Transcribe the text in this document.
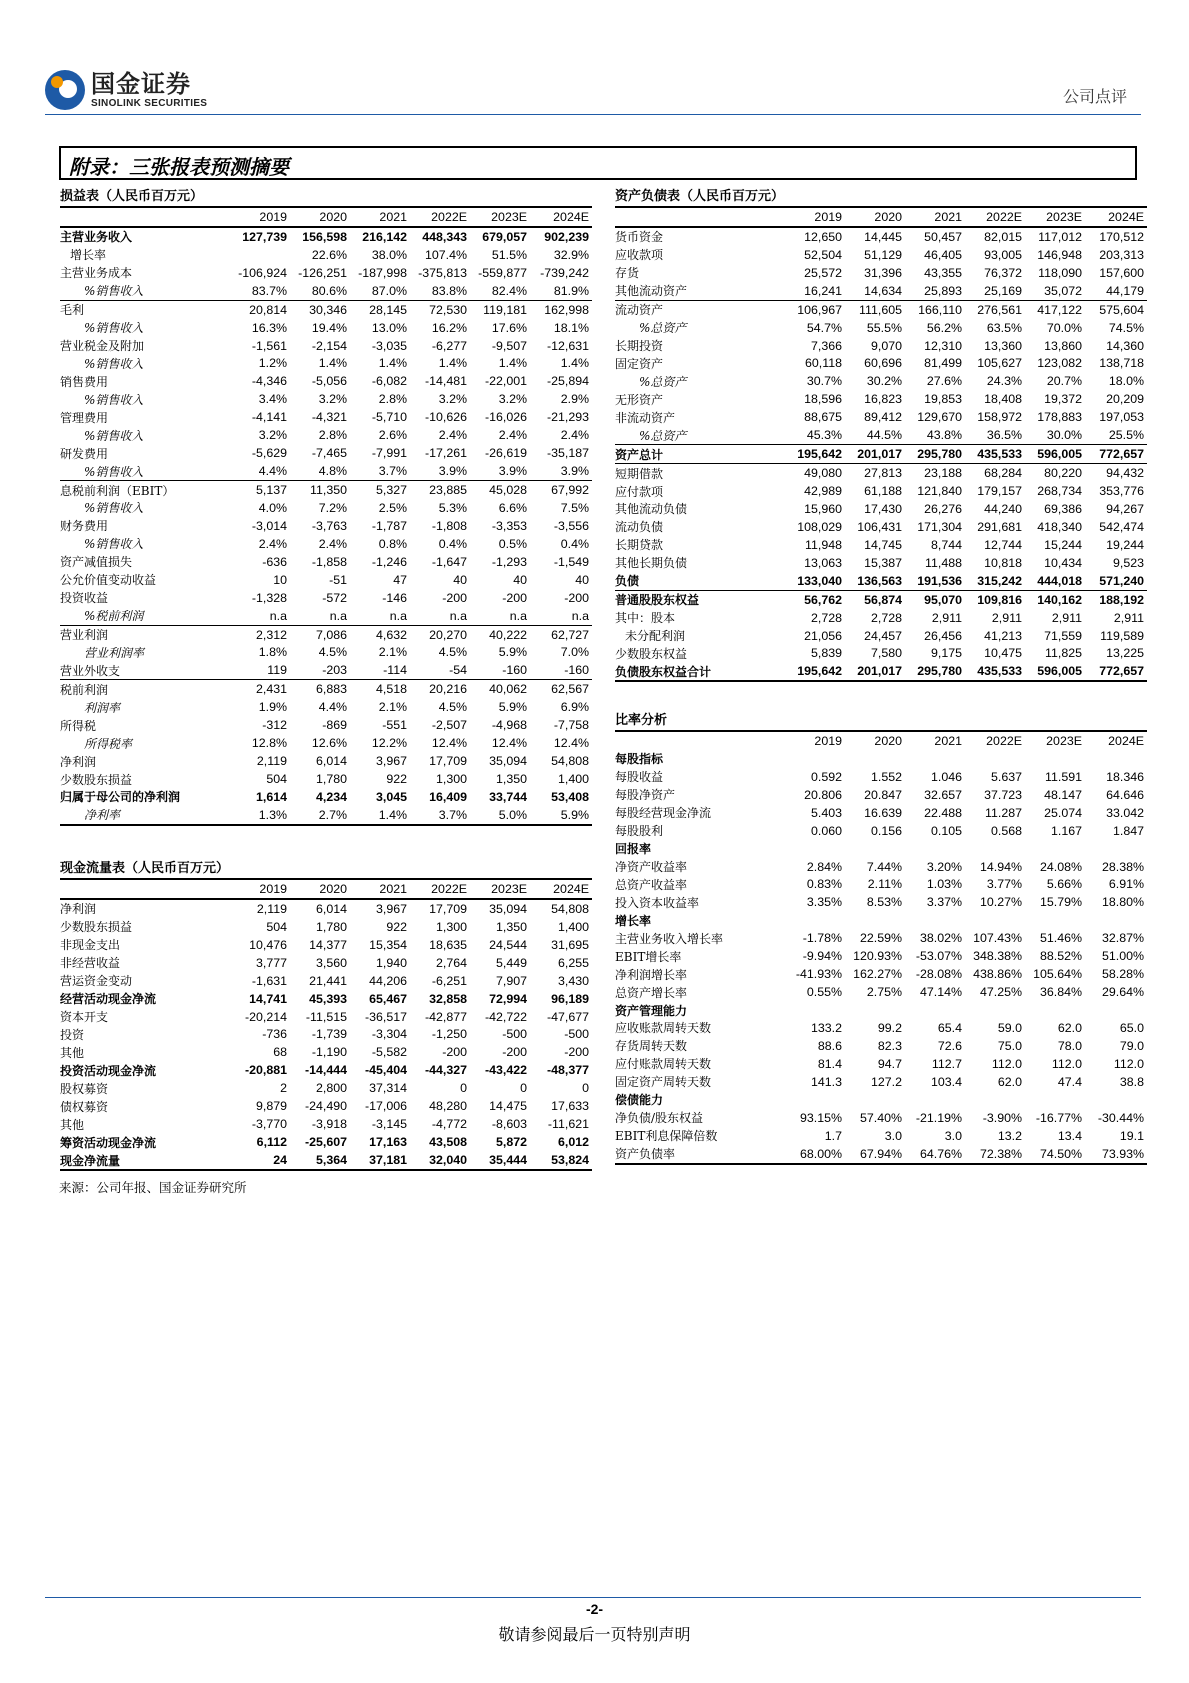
国金证券
SINOLINK SECURITIES	公司点评
附录：三张报表预测摘要
损益表（人民币百万元）
	2019	2020	2021	2022E	2023E	2024E
主营业务收入	127,739	156,598	216,142	448,343	679,057	902,239
增长率		22.6%	38.0%	107.4%	51.5%	32.9%
主营业务成本	-106,924	-126,251	-187,998	-375,813	-559,877	-739,242
%销售收入	83.7%	80.6%	87.0%	83.8%	82.4%	81.9%
毛利	20,814	30,346	28,145	72,530	119,181	162,998
%销售收入	16.3%	19.4%	13.0%	16.2%	17.6%	18.1%
营业税金及附加	-1,561	-2,154	-3,035	-6,277	-9,507	-12,631
%销售收入	1.2%	1.4%	1.4%	1.4%	1.4%	1.4%
销售费用	-4,346	-5,056	-6,082	-14,481	-22,001	-25,894
%销售收入	3.4%	3.2%	2.8%	3.2%	3.2%	2.9%
管理费用	-4,141	-4,321	-5,710	-10,626	-16,026	-21,293
%销售收入	3.2%	2.8%	2.6%	2.4%	2.4%	2.4%
研发费用	-5,629	-7,465	-7,991	-17,261	-26,619	-35,187
%销售收入	4.4%	4.8%	3.7%	3.9%	3.9%	3.9%
息税前利润（EBIT）	5,137	11,350	5,327	23,885	45,028	67,992
%销售收入	4.0%	7.2%	2.5%	5.3%	6.6%	7.5%
财务费用	-3,014	-3,763	-1,787	-1,808	-3,353	-3,556
%销售收入	2.4%	2.4%	0.8%	0.4%	0.5%	0.4%
资产减值损失	-636	-1,858	-1,246	-1,647	-1,293	-1,549
公允价值变动收益	10	-51	47	40	40	40
投资收益	-1,328	-572	-146	-200	-200	-200
%税前利润	n.a	n.a	n.a	n.a	n.a	n.a
营业利润	2,312	7,086	4,632	20,270	40,222	62,727
营业利润率	1.8%	4.5%	2.1%	4.5%	5.9%	7.0%
营业外收支	119	-203	-114	-54	-160	-160
税前利润	2,431	6,883	4,518	20,216	40,062	62,567
利润率	1.9%	4.4%	2.1%	4.5%	5.9%	6.9%
所得税	-312	-869	-551	-2,507	-4,968	-7,758
所得税率	12.8%	12.6%	12.2%	12.4%	12.4%	12.4%
净利润	2,119	6,014	3,967	17,709	35,094	54,808
少数股东损益	504	1,780	922	1,300	1,350	1,400
归属于母公司的净利润	1,614	4,234	3,045	16,409	33,744	53,408
净利率	1.3%	2.7%	1.4%	3.7%	5.0%	5.9%
现金流量表（人民币百万元）
	2019	2020	2021	2022E	2023E	2024E
净利润	2,119	6,014	3,967	17,709	35,094	54,808
少数股东损益	504	1,780	922	1,300	1,350	1,400
非现金支出	10,476	14,377	15,354	18,635	24,544	31,695
非经营收益	3,777	3,560	1,940	2,764	5,449	6,255
营运资金变动	-1,631	21,441	44,206	-6,251	7,907	3,430
经营活动现金净流	14,741	45,393	65,467	32,858	72,994	96,189
资本开支	-20,214	-11,515	-36,517	-42,877	-42,722	-47,677
投资	-736	-1,739	-3,304	-1,250	-500	-500
其他	68	-1,190	-5,582	-200	-200	-200
投资活动现金净流	-20,881	-14,444	-45,404	-44,327	-43,422	-48,377
股权募资	2	2,800	37,314	0	0	0
债权募资	9,879	-24,490	-17,006	48,280	14,475	17,633
其他	-3,770	-3,918	-3,145	-4,772	-8,603	-11,621
筹资活动现金净流	6,112	-25,607	17,163	43,508	5,872	6,012
现金净流量	24	5,364	37,181	32,040	35,444	53,824
资产负债表（人民币百万元）
	2019	2020	2021	2022E	2023E	2024E
货币资金	12,650	14,445	50,457	82,015	117,012	170,512
应收款项	52,504	51,129	46,405	93,005	146,948	203,313
存货	25,572	31,396	43,355	76,372	118,090	157,600
其他流动资产	16,241	14,634	25,893	25,169	35,072	44,179
流动资产	106,967	111,605	166,110	276,561	417,122	575,604
%总资产	54.7%	55.5%	56.2%	63.5%	70.0%	74.5%
长期投资	7,366	9,070	12,310	13,360	13,860	14,360
固定资产	60,118	60,696	81,499	105,627	123,082	138,718
%总资产	30.7%	30.2%	27.6%	24.3%	20.7%	18.0%
无形资产	18,596	16,823	19,853	18,408	19,372	20,209
非流动资产	88,675	89,412	129,670	158,972	178,883	197,053
%总资产	45.3%	44.5%	43.8%	36.5%	30.0%	25.5%
资产总计	195,642	201,017	295,780	435,533	596,005	772,657
短期借款	49,080	27,813	23,188	68,284	80,220	94,432
应付款项	42,989	61,188	121,840	179,157	268,734	353,776
其他流动负债	15,960	17,430	26,276	44,240	69,386	94,267
流动负债	108,029	106,431	171,304	291,681	418,340	542,474
长期贷款	11,948	14,745	8,744	12,744	15,244	19,244
其他长期负债	13,063	15,387	11,488	10,818	10,434	9,523
负债	133,040	136,563	191,536	315,242	444,018	571,240
普通股股东权益	56,762	56,874	95,070	109,816	140,162	188,192
其中：股本	2,728	2,728	2,911	2,911	2,911	2,911
未分配利润	21,056	24,457	26,456	41,213	71,559	119,589
少数股东权益	5,839	7,580	9,175	10,475	11,825	13,225
负债股东权益合计	195,642	201,017	295,780	435,533	596,005	772,657
比率分析
	2019	2020	2021	2022E	2023E	2024E
每股指标						
每股收益	0.592	1.552	1.046	5.637	11.591	18.346
每股净资产	20.806	20.847	32.657	37.723	48.147	64.646
每股经营现金净流	5.403	16.639	22.488	11.287	25.074	33.042
每股股利	0.060	0.156	0.105	0.568	1.167	1.847
回报率						
净资产收益率	2.84%	7.44%	3.20%	14.94%	24.08%	28.38%
总资产收益率	0.83%	2.11%	1.03%	3.77%	5.66%	6.91%
投入资本收益率	3.35%	8.53%	3.37%	10.27%	15.79%	18.80%
增长率						
主营业务收入增长率	-1.78%	22.59%	38.02%	107.43%	51.46%	32.87%
EBIT增长率	-9.94%	120.93%	-53.07%	348.38%	88.52%	51.00%
净利润增长率	-41.93%	162.27%	-28.08%	438.86%	105.64%	58.28%
总资产增长率	0.55%	2.75%	47.14%	47.25%	36.84%	29.64%
资产管理能力						
应收账款周转天数	133.2	99.2	65.4	59.0	62.0	65.0
存货周转天数	88.6	82.3	72.6	75.0	78.0	79.0
应付账款周转天数	81.4	94.7	112.7	112.0	112.0	112.0
固定资产周转天数	141.3	127.2	103.4	62.0	47.4	38.8
偿债能力						
净负债/股东权益	93.15%	57.40%	-21.19%	-3.90%	-16.77%	-30.44%
EBIT利息保障倍数	1.7	3.0	3.0	13.2	13.4	19.1
资产负债率	68.00%	67.94%	64.76%	72.38%	74.50%	73.93%
来源：公司年报、国金证券研究所
-2-
敬请参阅最后一页特别声明
